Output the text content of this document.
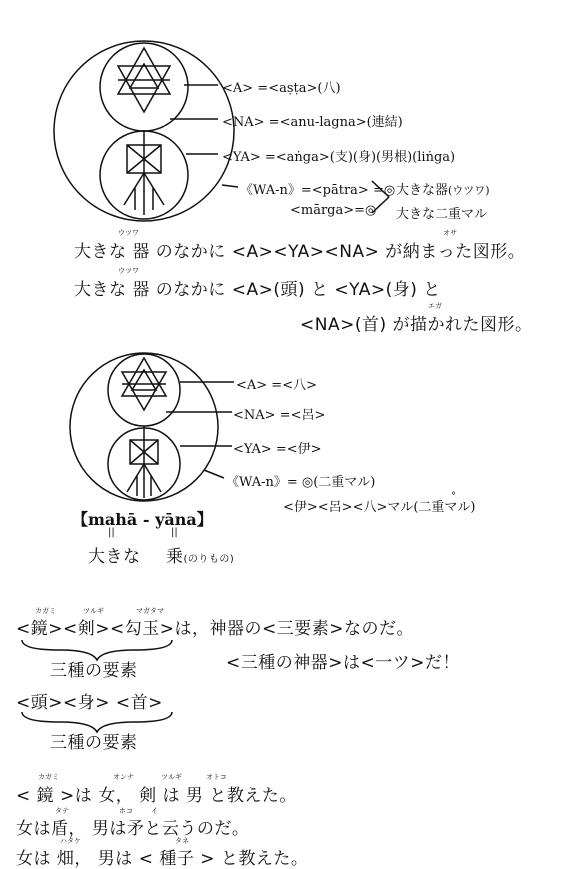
<A> =<aṣṭa>(八)
<NA> =<anu-lagna>(連結)
<YA> =<aṅga>(支)(身)(男根)(liṅga)
《WA-n》=<pātra> =◎
<mārga>=◎
大きな器(ウツワ)
大きな二重マル
ウツワ	オサ
大きな 器 のなかに <A><YA><NA> が納まった図形。
ウツワ
大きな 器 のなかに <A>(頭) と <YA>(身) と
エガ
<NA>(首) が描かれた図形。
<A> =<八>
<NA> =<呂>
<YA> =<伊>
《WA-n》= ◎(二重マル)
°
<伊><呂><八>マル(二重マル)
【mahā - yāna】
||	||
大きな 乗(のりもの)
カガミ	ツルギ	マガタマ
<鏡><剣><勾玉>は，神器の<三要素>なのだ。
三種の要素	<三種の神器>は<一ツ>だ！
<頭><身> <首>
三種の要素
カガミ	オンナ	ツルギ	オトコ
< 鏡 >は 女， 剣 は 男 と教えた。
タテ	ホコ	イ
女は盾， 男は矛と云うのだ。
ハタケ	タネ
女は 畑， 男は < 種子 > と教えた。
